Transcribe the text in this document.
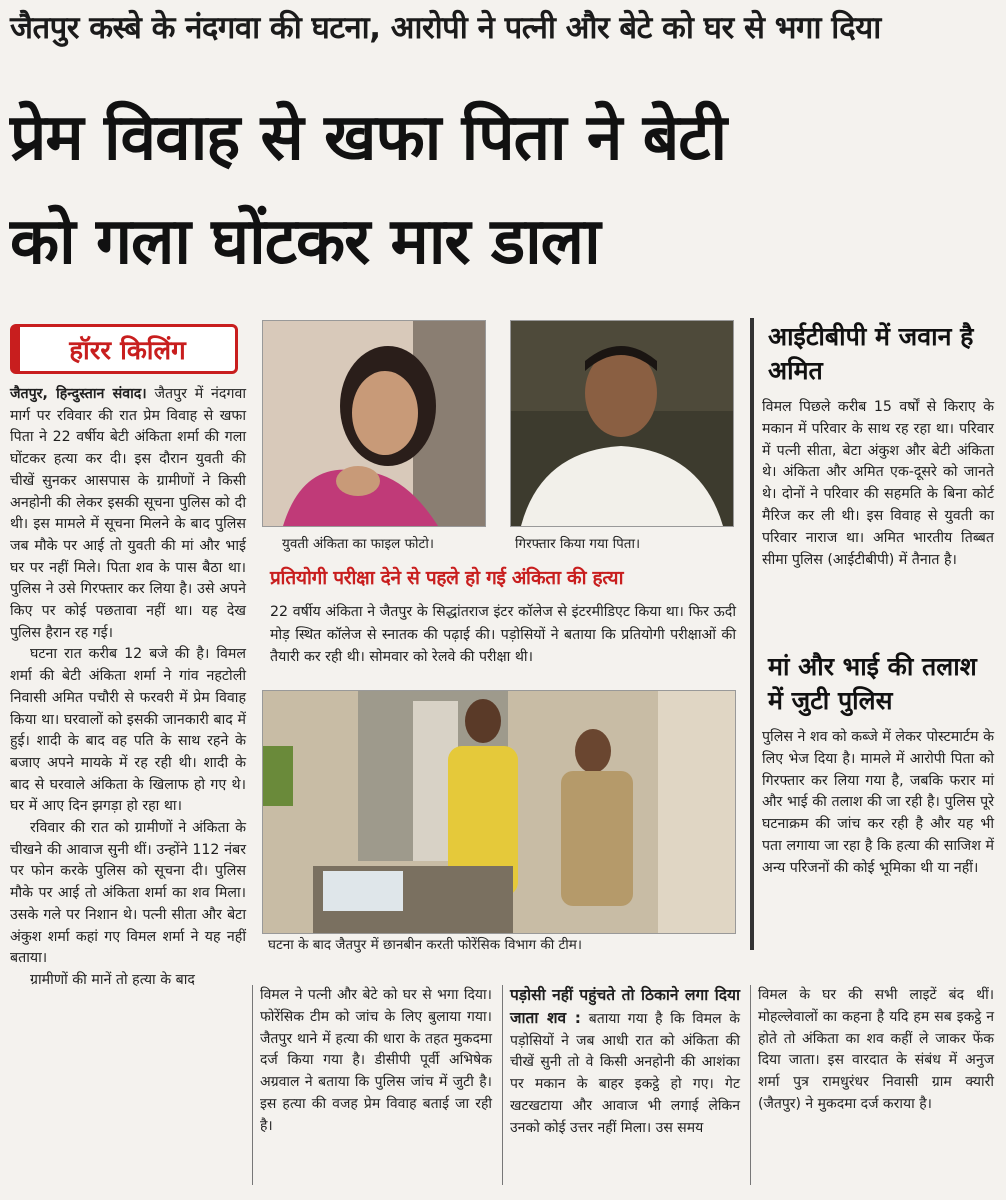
जैतपुर कस्बे के नंदगवा की घटना, आरोपी ने पत्नी और बेटे को घर से भगा दिया
प्रेम विवाह से खफा पिता ने बेटी
को गला घोंटकर मार डाला
हॉरर किलिंग

जैतपुर, हिन्दुस्तान संवाद। जैतपुर में नंदगवा मार्ग पर रविवार की रात प्रेम विवाह से खफा पिता ने 22 वर्षीय बेटी अंकिता शर्मा की गला घोंटकर हत्या कर दी। इस दौरान युवती की चीखें सुनकर आसपास के ग्रामीणों ने किसी अनहोनी की लेकर इसकी सूचना पुलिस को दी थी। इस मामले में सूचना मिलने के बाद पुलिस जब मौके पर आई तो युवती की मां और भाई घर पर नहीं मिले। पिता शव के पास बैठा था। पुलिस ने उसे गिरफ्तार कर लिया है। उसे अपने किए पर कोई पछतावा नहीं था। यह देख पुलिस हैरान रह गई।

घटना रात करीब 12 बजे की है। विमल शर्मा की बेटी अंकिता शर्मा ने गांव नहटोली निवासी अमित पचौरी से फरवरी में प्रेम विवाह किया था। घरवालों को इसकी जानकारी बाद में हुई। शादी के बाद वह पति के साथ रहने के बजाए अपने मायके में रह रही थी। शादी के बाद से घरवाले अंकिता के खिलाफ हो गए थे। घर में आए दिन झगड़ा हो रहा था।

रविवार की रात को ग्रामीणों ने अंकिता के चीखने की आवाज सुनी थीं। उन्होंने 112 नंबर पर फोन करके पुलिस को सूचना दी। पुलिस मौके पर आई तो अंकिता शर्मा का शव मिला। उसके गले पर निशान थे। पत्नी सीता और बेटा अंकुश शर्मा कहां गए विमल शर्मा ने यह नहीं बताया।

ग्रामीणों की मानें तो हत्या के बाद

युवती अंकिता का फाइल फोटो।	गिरफ्तार किया गया पिता।
प्रतियोगी परीक्षा देने से पहले हो गई अंकिता की हत्या
22 वर्षीय अंकिता ने जैतपुर के सिद्धांतराज इंटर कॉलेज से इंटरमीडिएट किया था। फिर ऊदी मोड़ स्थित कॉलेज से स्नातक की पढ़ाई की। पड़ोसियों ने बताया कि प्रतियोगी परीक्षाओं की तैयारी कर रही थी। सोमवार को रेलवे की परीक्षा थी।
घटना के बाद जैतपुर में छानबीन करती फोरेंसिक विभाग की टीम।
आईटीबीपी में जवान है अमित
विमल पिछले करीब 15 वर्षों से किराए के मकान में परिवार के साथ रह रहा था। परिवार में पत्नी सीता, बेटा अंकुश और बेटी अंकिता थे। अंकिता और अमित एक-दूसरे को जानते थे। दोनों ने परिवार की सहमति के बिना कोर्ट मैरिज कर ली थी। इस विवाह से युवती का परिवार नाराज था। अमित भारतीय तिब्बत सीमा पुलिस (आईटीबीपी) में तैनात है।
मां और भाई की तलाश में जुटी पुलिस
पुलिस ने शव को कब्जे में लेकर पोस्टमार्टम के लिए भेज दिया है। मामले में आरोपी पिता को गिरफ्तार कर लिया गया है, जबकि फरार मां और भाई की तलाश की जा रही है। पुलिस पूरे घटनाक्रम की जांच कर रही है और यह भी पता लगाया जा रहा है कि हत्या की साजिश में अन्य परिजनों की कोई भूमिका थी या नहीं।

विमल ने पत्नी और बेटे को घर से भगा दिया। फोरेंसिक टीम को जांच के लिए बुलाया गया। जैतपुर थाने में हत्या की धारा के तहत मुकदमा दर्ज किया गया है। डीसीपी पूर्वी अभिषेक अग्रवाल ने बताया कि पुलिस जांच में जुटी है। इस हत्या की वजह प्रेम विवाह बताई जा रही है।

पड़ोसी नहीं पहुंचते तो ठिकाने लगा दिया जाता शव : बताया गया है कि विमल के पड़ोसियों ने जब आधी रात को अंकिता की चीखें सुनी तो वे किसी अनहोनी की आशंका पर मकान के बाहर इकट्ठे हो गए। गेट खटखटाया और आवाज भी लगाई लेकिन उनको कोई उत्तर नहीं मिला। उस समय

विमल के घर की सभी लाइटें बंद थीं। मोहल्लेवालों का कहना है यदि हम सब इकट्ठे न होते तो अंकिता का शव कहीं ले जाकर फेंक दिया जाता। इस वारदात के संबंध में अनुज शर्मा पुत्र रामधुरंधर निवासी ग्राम क्यारी (जैतपुर) ने मुकदमा दर्ज कराया है।
